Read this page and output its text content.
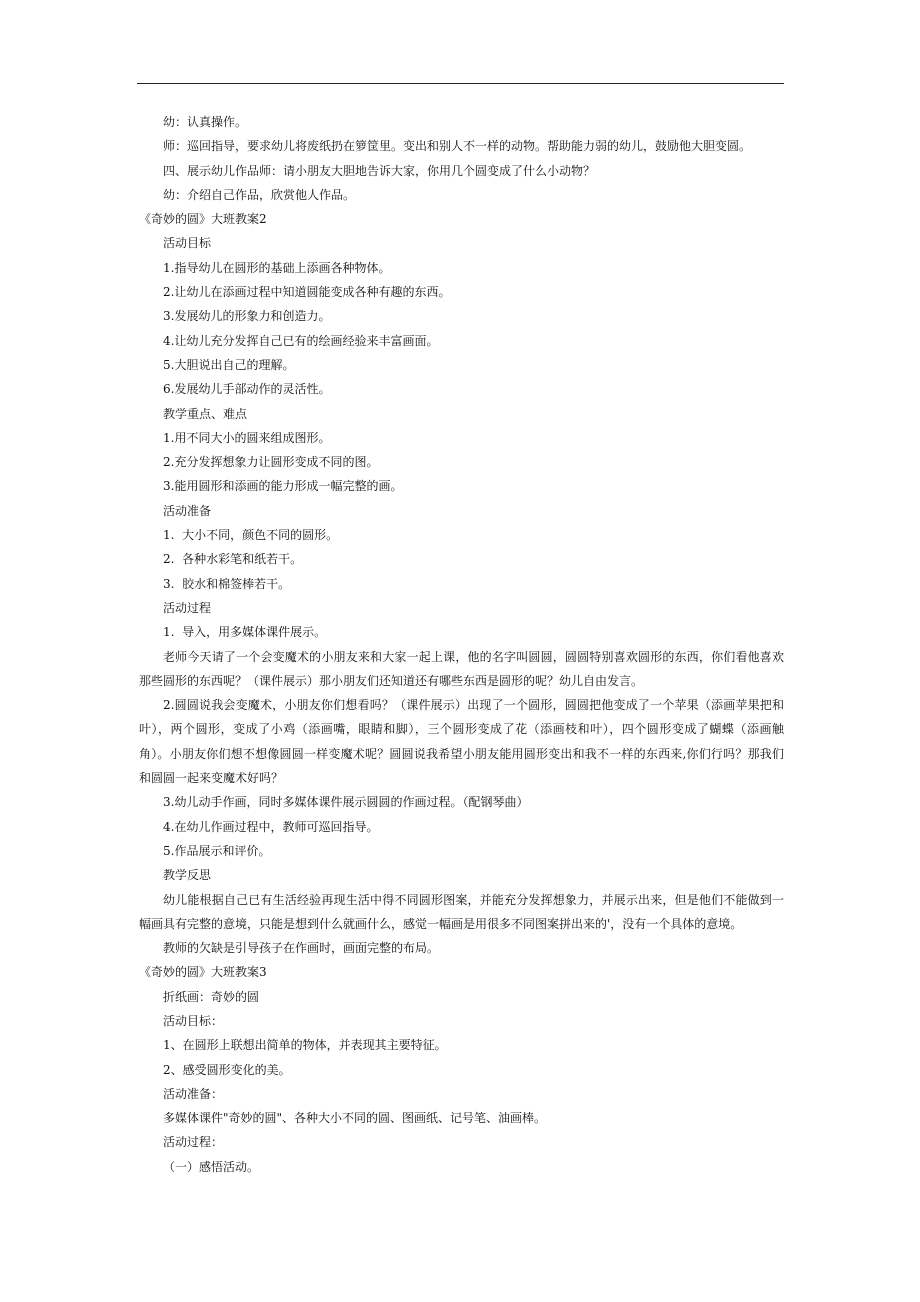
幼：认真操作。

师：巡回指导，要求幼儿将废纸扔在箩筐里。变出和别人不一样的动物。帮助能力弱的幼儿，鼓励他大胆变圆。

四、展示幼儿作品师：请小朋友大胆地告诉大家，你用几个圆变成了什么小动物？

幼：介绍自己作品，欣赏他人作品。

《奇妙的圆》大班教案2

活动目标

1.指导幼儿在圆形的基础上添画各种物体。

2.让幼儿在添画过程中知道圆能变成各种有趣的东西。

3.发展幼儿的形象力和创造力。

4.让幼儿充分发挥自己已有的绘画经验来丰富画面。

5.大胆说出自己的理解。

6.发展幼儿手部动作的灵活性。

教学重点、难点

1.用不同大小的圆来组成图形。

2.充分发挥想象力让圆形变成不同的图。

3.能用圆形和添画的能力形成一幅完整的画。

活动准备

1.  大小不同，颜色不同的圆形。

2.  各种水彩笔和纸若干。

3.  胶水和棉签棒若干。

活动过程

1.  导入，用多媒体课件展示。

老师今天请了一个会变魔术的小朋友来和大家一起上课，他的名字叫圆圆，圆圆特别喜欢圆形的东西，你们看他喜欢那些圆形的东西呢？（课件展示）那小朋友们还知道还有哪些东西是圆形的呢？幼儿自由发言。

2.圆圆说我会变魔术，小朋友你们想看吗？（课件展示）出现了一个圆形，圆圆把他变成了一个苹果（添画苹果把和叶），两个圆形，变成了小鸡（添画嘴，眼睛和脚），三个圆形变成了花（添画枝和叶），四个圆形变成了蝴蝶（添画触角）。小朋友你们想不想像圆圆一样变魔术呢？圆圆说我希望小朋友能用圆形变出和我不一样的东西来,你们行吗？那我们和圆圆一起来变魔术好吗？

3.幼儿动手作画，同时多媒体课件展示圆圆的作画过程。（配钢琴曲）

4.在幼儿作画过程中，教师可巡回指导。

5.作品展示和评价。

教学反思

幼儿能根据自己已有生活经验再现生活中得不同圆形图案，并能充分发挥想象力，并展示出来，但是他们不能做到一幅画具有完整的意境，只能是想到什么就画什么，感觉一幅画是用很多不同图案拼出来的'，没有一个具体的意境。

教师的欠缺是引导孩子在作画时，画面完整的布局。

《奇妙的圆》大班教案3

折纸画：奇妙的圆

活动目标：

1、在圆形上联想出简单的物体，并表现其主要特征。

2、感受圆形变化的美。

活动准备：

多媒体课件"奇妙的圆"、各种大小不同的圆、图画纸、记号笔、油画棒。

活动过程：

（一）感悟活动。
